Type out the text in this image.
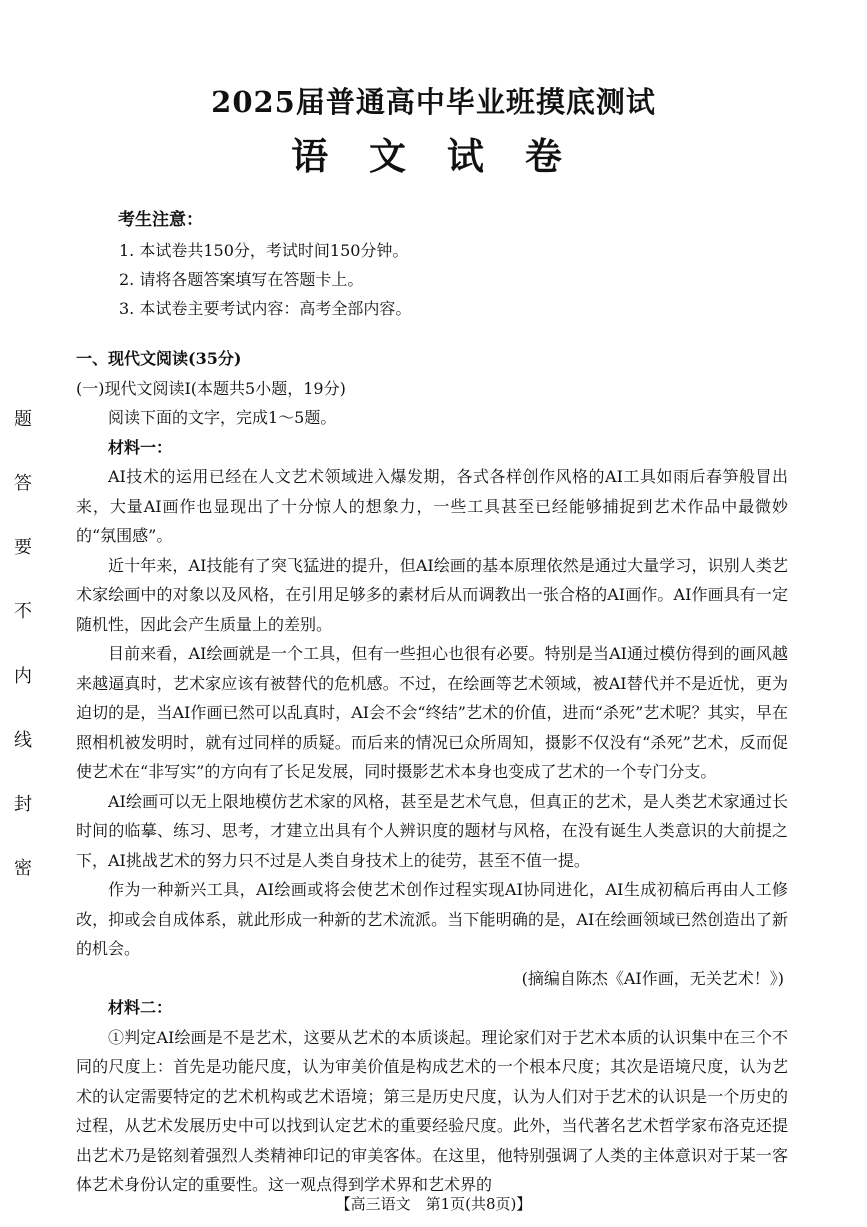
2025届普通高中毕业班摸底测试
语 文 试 卷
考生注意：
1. 本试卷共150分，考试时间150分钟。
2. 请将各题答案填写在答题卡上。
3. 本试卷主要考试内容：高考全部内容。

一、现代文阅读(35分)

(一)现代文阅读Ⅰ(本题共5小题，19分)

阅读下面的文字，完成1～5题。

材料一：

AI技术的运用已经在人文艺术领域进入爆发期，各式各样创作风格的AI工具如雨后春笋般冒出来，大量AI画作也显现出了十分惊人的想象力，一些工具甚至已经能够捕捉到艺术作品中最微妙的“氛围感”。

近十年来，AI技能有了突飞猛进的提升，但AI绘画的基本原理依然是通过大量学习，识别人类艺术家绘画中的对象以及风格，在引用足够多的素材后从而调教出一张合格的AI画作。AI作画具有一定随机性，因此会产生质量上的差别。

目前来看，AI绘画就是一个工具，但有一些担心也很有必要。特别是当AI通过模仿得到的画风越来越逼真时，艺术家应该有被替代的危机感。不过，在绘画等艺术领域，被AI替代并不是近忧，更为迫切的是，当AI作画已然可以乱真时，AI会不会“终结”艺术的价值，进而“杀死”艺术呢？其实，早在照相机被发明时，就有过同样的质疑。而后来的情况已众所周知，摄影不仅没有“杀死”艺术，反而促使艺术在“非写实”的方向有了长足发展，同时摄影艺术本身也变成了艺术的一个专门分支。

AI绘画可以无上限地模仿艺术家的风格，甚至是艺术气息，但真正的艺术，是人类艺术家通过长时间的临摹、练习、思考，才建立出具有个人辨识度的题材与风格，在没有诞生人类意识的大前提之下，AI挑战艺术的努力只不过是人类自身技术上的徒劳，甚至不值一提。

作为一种新兴工具，AI绘画或将会使艺术创作过程实现AI协同进化，AI生成初稿后再由人工修改，抑或会自成体系，就此形成一种新的艺术流派。当下能明确的是，AI在绘画领域已然创造出了新的机会。

(摘编自陈杰《AI作画，无关艺术！》)

材料二：

①判定AI绘画是不是艺术，这要从艺术的本质谈起。理论家们对于艺术本质的认识集中在三个不同的尺度上：首先是功能尺度，认为审美价值是构成艺术的一个根本尺度；其次是语境尺度，认为艺术的认定需要特定的艺术机构或艺术语境；第三是历史尺度，认为人们对于艺术的认识是一个历史的过程，从艺术发展历史中可以找到认定艺术的重要经验尺度。此外，当代著名艺术哲学家布洛克还提出艺术乃是铭刻着强烈人类精神印记的审美客体。在这里，他特别强调了人类的主体意识对于某一客体艺术身份认定的重要性。这一观点得到学术界和艺术界的

题
答
要
不
内
线
封
密
【高三语文　第1页(共8页)】
